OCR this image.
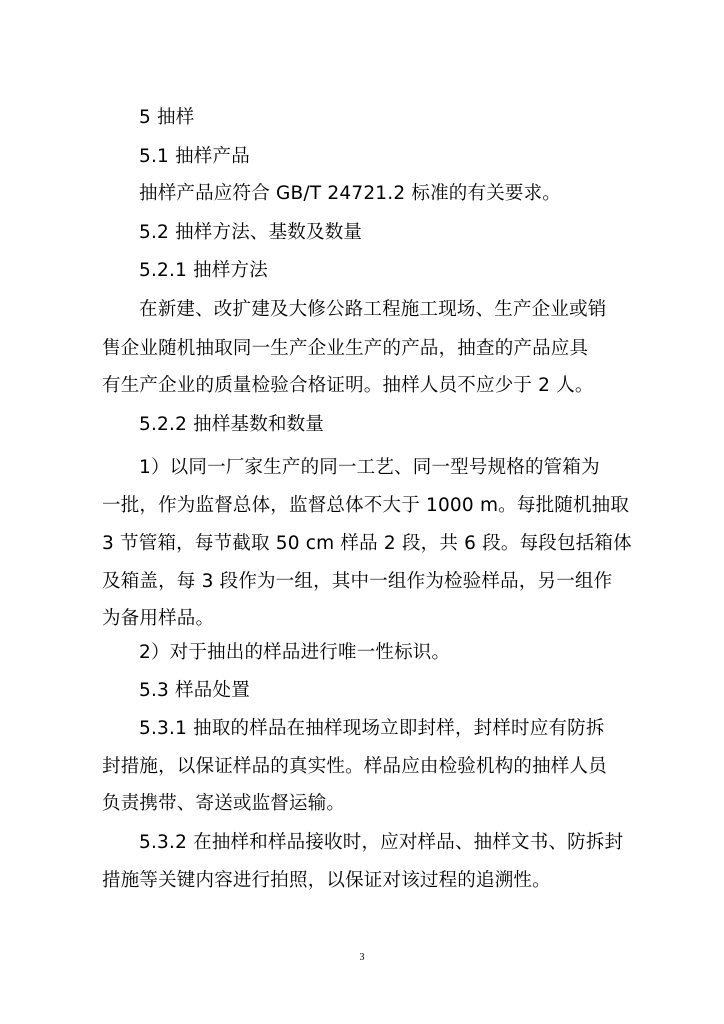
5 抽样
5.1 抽样产品
抽样产品应符合 GB/T 24721.2 标准的有关要求。
5.2 抽样方法、基数及数量
5.2.1 抽样方法
在新建、改扩建及大修公路工程施工现场、生产企业或销
售企业随机抽取同一生产企业生产的产品，抽查的产品应具
有生产企业的质量检验合格证明。抽样人员不应少于 2 人。
5.2.2 抽样基数和数量
1）以同一厂家生产的同一工艺、同一型号规格的管箱为
一批，作为监督总体，监督总体不大于 1000 m。每批随机抽取
3 节管箱，每节截取 50 cm 样品 2 段，共 6 段。每段包括箱体
及箱盖，每 3 段作为一组，其中一组作为检验样品，另一组作
为备用样品。
2）对于抽出的样品进行唯一性标识。
5.3 样品处置
5.3.1 抽取的样品在抽样现场立即封样，封样时应有防拆
封措施，以保证样品的真实性。样品应由检验机构的抽样人员
负责携带、寄送或监督运输。
5.3.2 在抽样和样品接收时，应对样品、抽样文书、防拆封
措施等关键内容进行拍照，以保证对该过程的追溯性。
3
